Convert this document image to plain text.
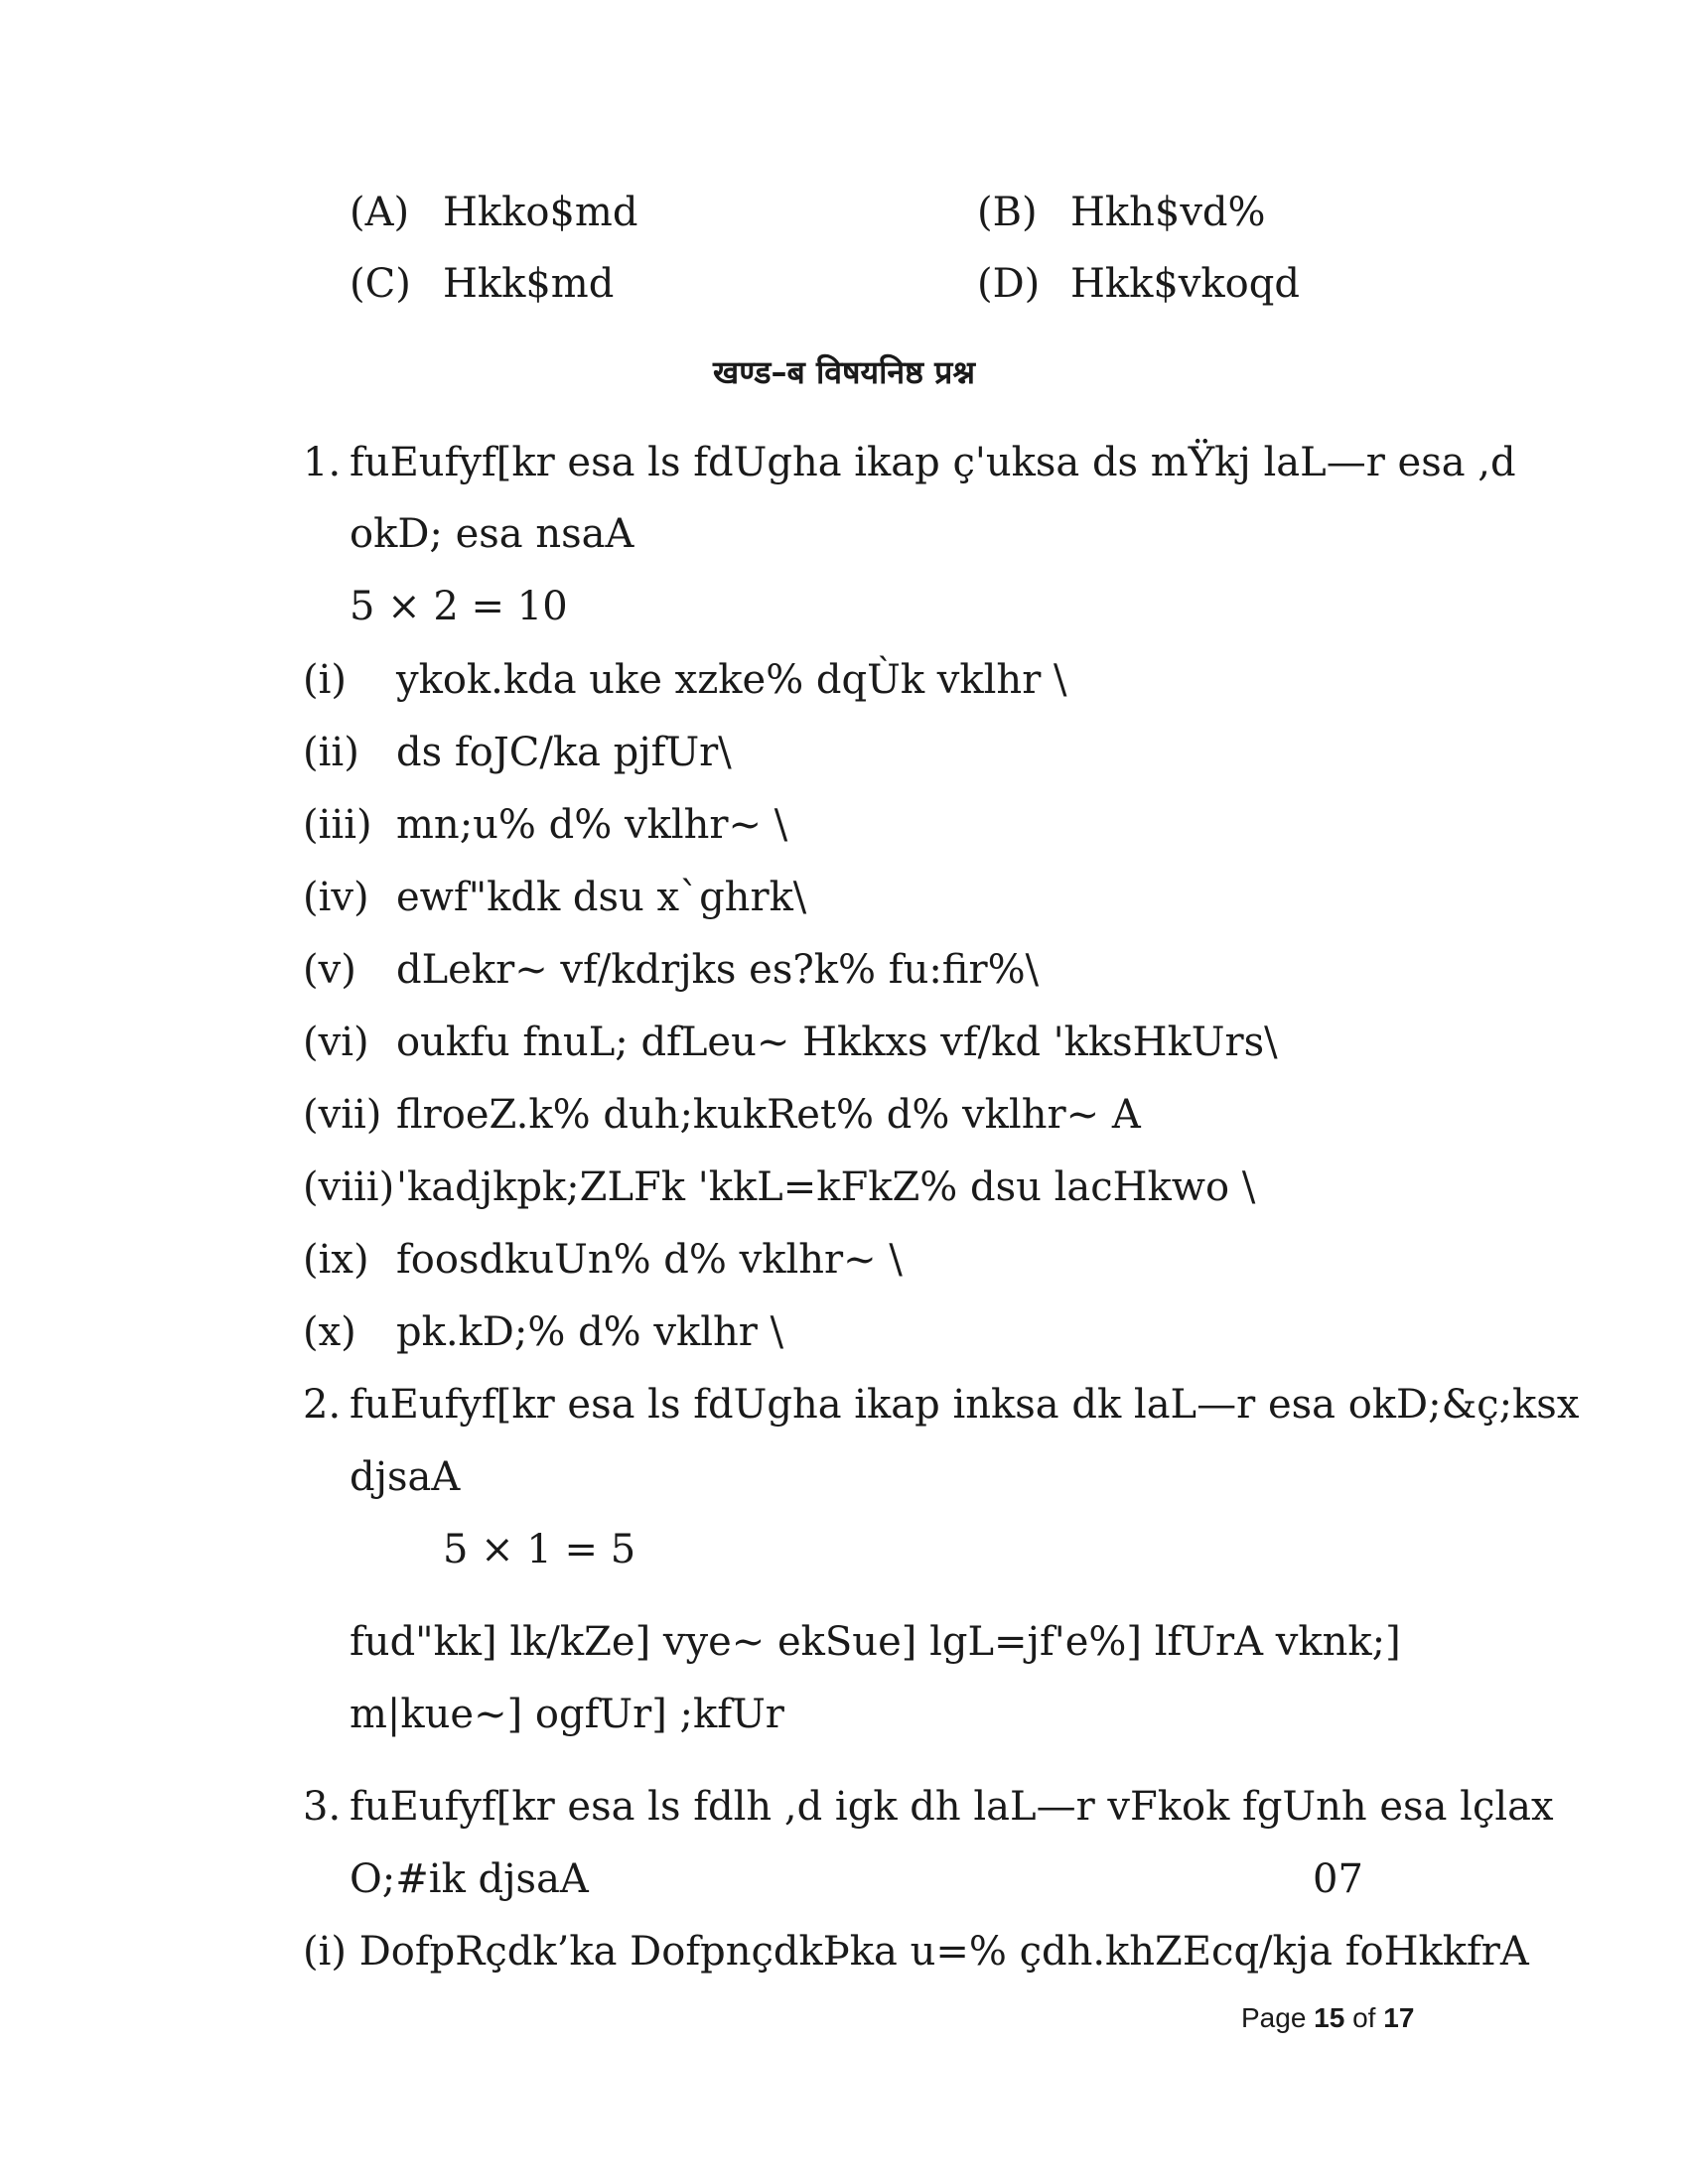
(A) Hkko$md	(B) Hkh$vd%
(C) Hkk$md	(D) Hkk$vkoqd
खण्ड–ब विषयनिष्ठ प्रश्न
1. fuEufyf[kr esa ls fdUgha ikap ç'uksa ds mŸkj laL—r esa ,d
okD; esa nsaA
5 × 2 = 10
(i) ykok.kda uke xzke% dqÙk vklhr \
(ii) ds foJC/ka pjfUr\
(iii) mn;u% d% vklhr~ \
(iv) ewf"kdk dsu x`ghrk\
(v) dLekr~ vf/kdrjks es?k% fu:fir%\
(vi) oukfu fnuL; dfLeu~ Hkkxs vf/kd 'kksHkUrs\
(vii) flroeZ.k% duh;kukRet% d% vklhr~ A
(viii) 'kadjkpk;ZLFk 'kkL=kFkZ% dsu lacHkwo \
(ix) foosdkuUn% d% vklhr~ \
(x) pk.kD;% d% vklhr \
2. fuEufyf[kr esa ls fdUgha ikap inksa dk laL—r esa okD;&ç;ksx
djsaA
5 × 1 = 5
fud"kk] lk/kZe] vye~ ekSue] lgL=jf'e%] lfUrA vknk;]
m|kue~] ogfUr] ;kfUr
3. fuEufyf[kr esa ls fdlh ,d igk dh laL—r vFkok fgUnh esa lçlax
O;#ik djsaA	07
(i) DofpRçdk’ka DofpnçdkÞka u=% çdh.khZEcq/kja foHkkfrA
Page 15 of 17
